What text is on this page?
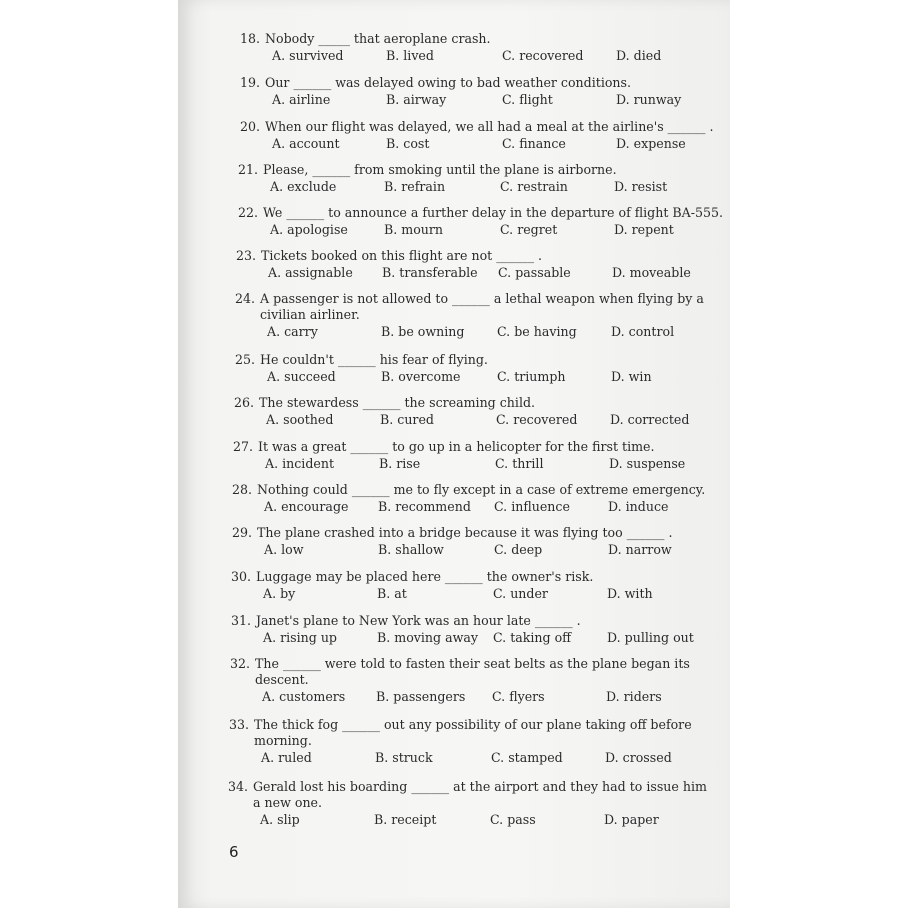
18. Nobody _____ that aeroplane crash.
A. survived	B. lived	C. recovered	D. died
19. Our ______ was delayed owing to bad weather conditions.
A. airline	B. airway	C. flight	D. runway
20. When our flight was delayed, we all had a meal at the airline's ______ .
A. account	B. cost	C. finance	D. expense
21. Please, ______ from smoking until the plane is airborne.
A. exclude	B. refrain	C. restrain	D. resist
22. We ______ to announce a further delay in the departure of flight BA-555.
A. apologise	B. mourn	C. regret	D. repent
23. Tickets booked on this flight are not ______ .
A. assignable B. transferable C. passable	D. moveable
24. A passenger is not allowed to ______ a lethal weapon when flying by a
civilian airliner.
A. carry	B. be owning	C. be having	D. control
25. He couldn't ______ his fear of flying.
A. succeed	B. overcome	C. triumph	D. win
26. The stewardess ______ the screaming child.
A. soothed	B. cured	C. recovered	D. corrected
27. It was a great ______ to go up in a helicopter for the first time.
A. incident	B. rise	C. thrill	D. suspense
28. Nothing could ______ me to fly except in a case of extreme emergency.
A. encourage B. recommend C. influence	D. induce
29. The plane crashed into a bridge because it was flying too ______ .
A. low	B. shallow	C. deep	D. narrow
30. Luggage may be placed here ______ the owner's risk.
A. by	B. at	C. under	D. with
31. Janet's plane to New York was an hour late ______ .
A. rising up	B. moving away C. taking off	D. pulling out
32. The ______ were told to fasten their seat belts as the plane began its
descent.
A. customers B. passengers C. flyers	D. riders
33. The thick fog ______ out any possibility of our plane taking off before
morning.
A. ruled	B. struck	C. stamped	D. crossed
34. Gerald lost his boarding ______ at the airport and they had to issue him
a new one.
A. slip	B. receipt	C. pass	D. paper
6
